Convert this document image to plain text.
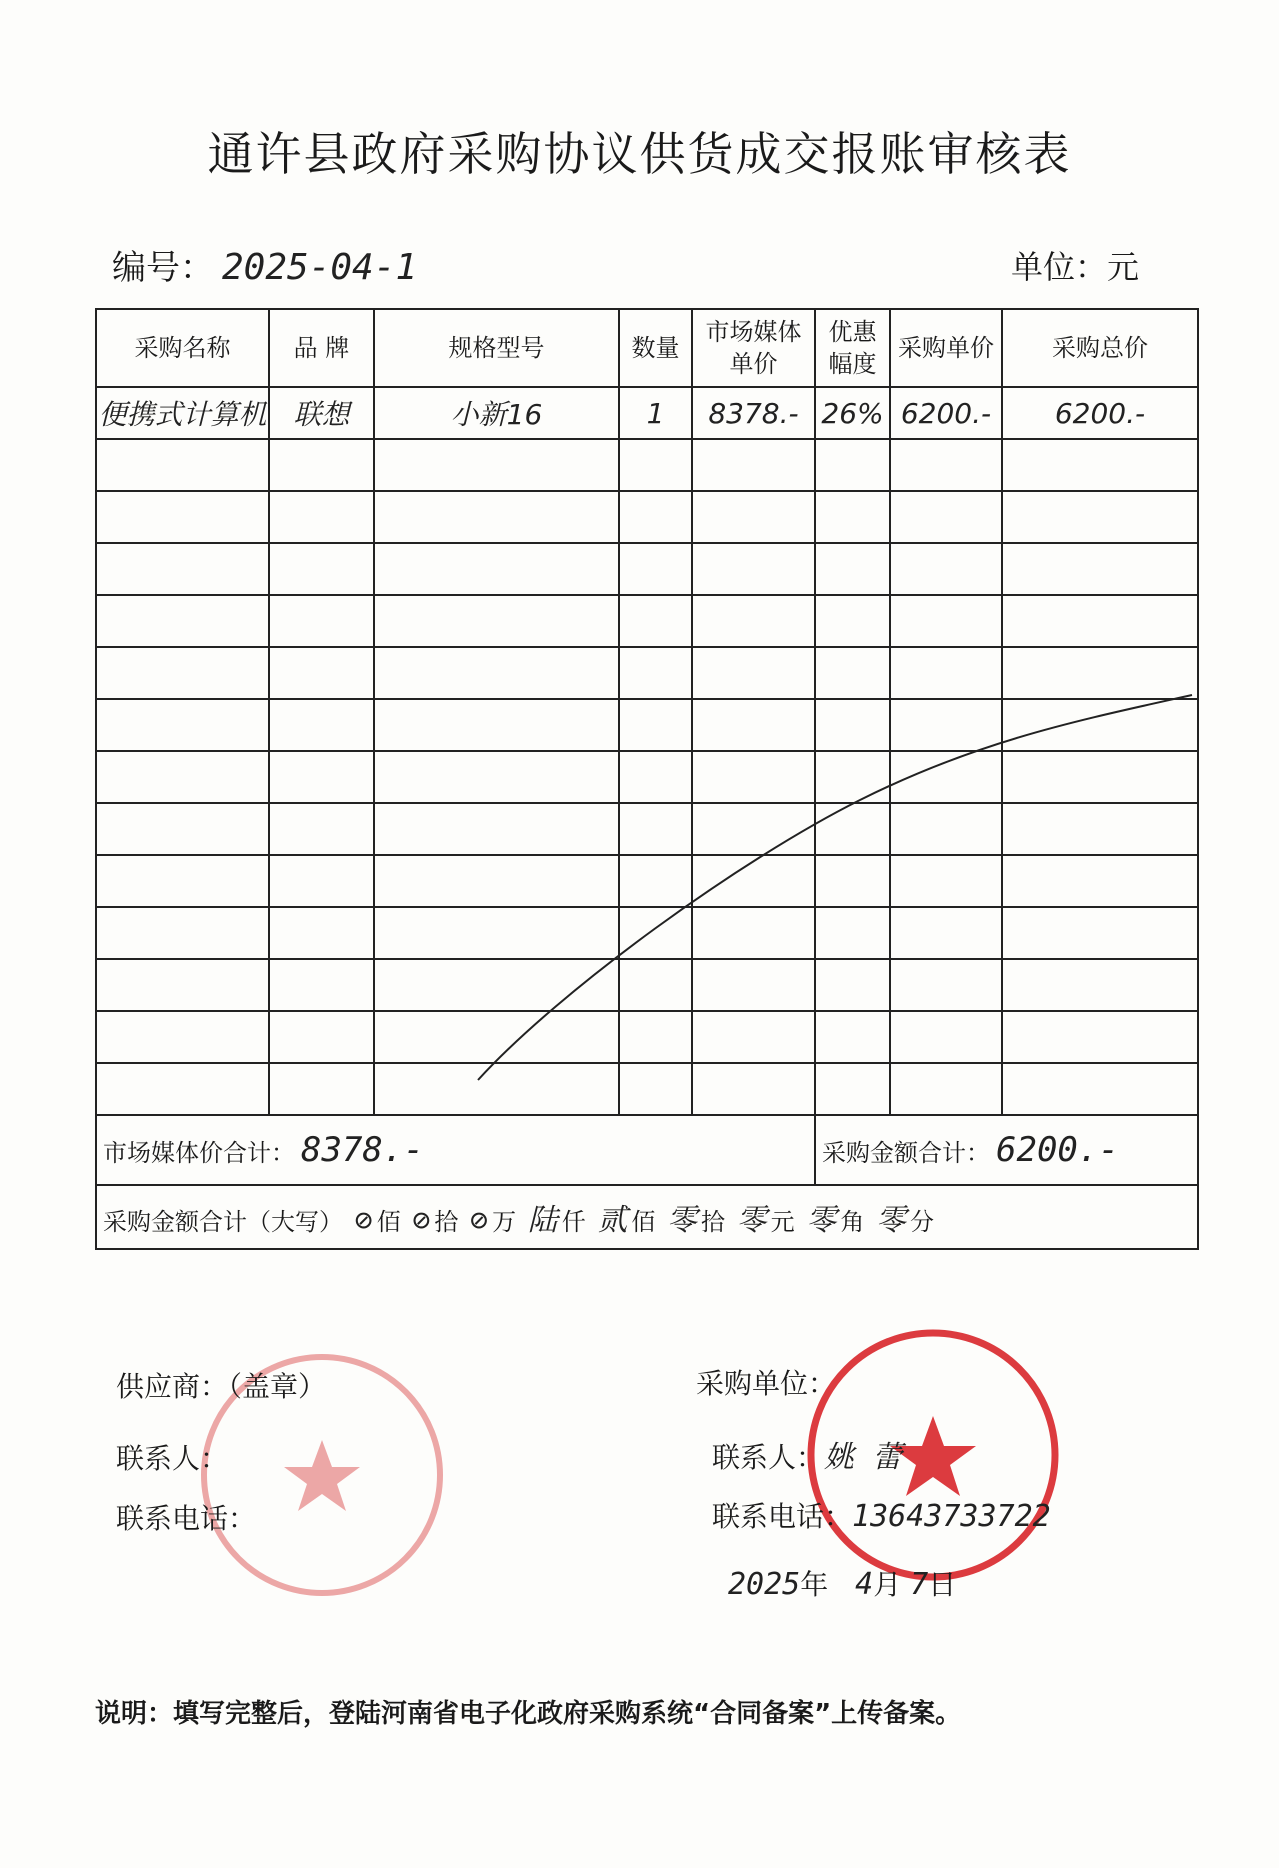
通许县政府采购协议供货成交报账审核表
编号： 2025-04-1	单位：元
采购名称	品 牌	规格型号	数量	市场媒体单价	优惠幅度	采购单价	采购总价
便携式计算机	联想	小新16	1	8378.-	26%	6200.-	6200.-

市场媒体价合计： 8378.-					采购金额合计： 6200.-		
采购金额合计（大写） ⊘ 佰 ⊘ 拾 ⊘ 万 陆 仟 贰 佰 零 拾 零 元 零 角 零 分							
供应商：（盖章）
联系人：
联系电话：
采购单位：
联系人：姚 蕾
联系电话：13643733722
2025年 4月 7日
说明：填写完整后，登陆河南省电子化政府采购系统“合同备案”上传备案。
